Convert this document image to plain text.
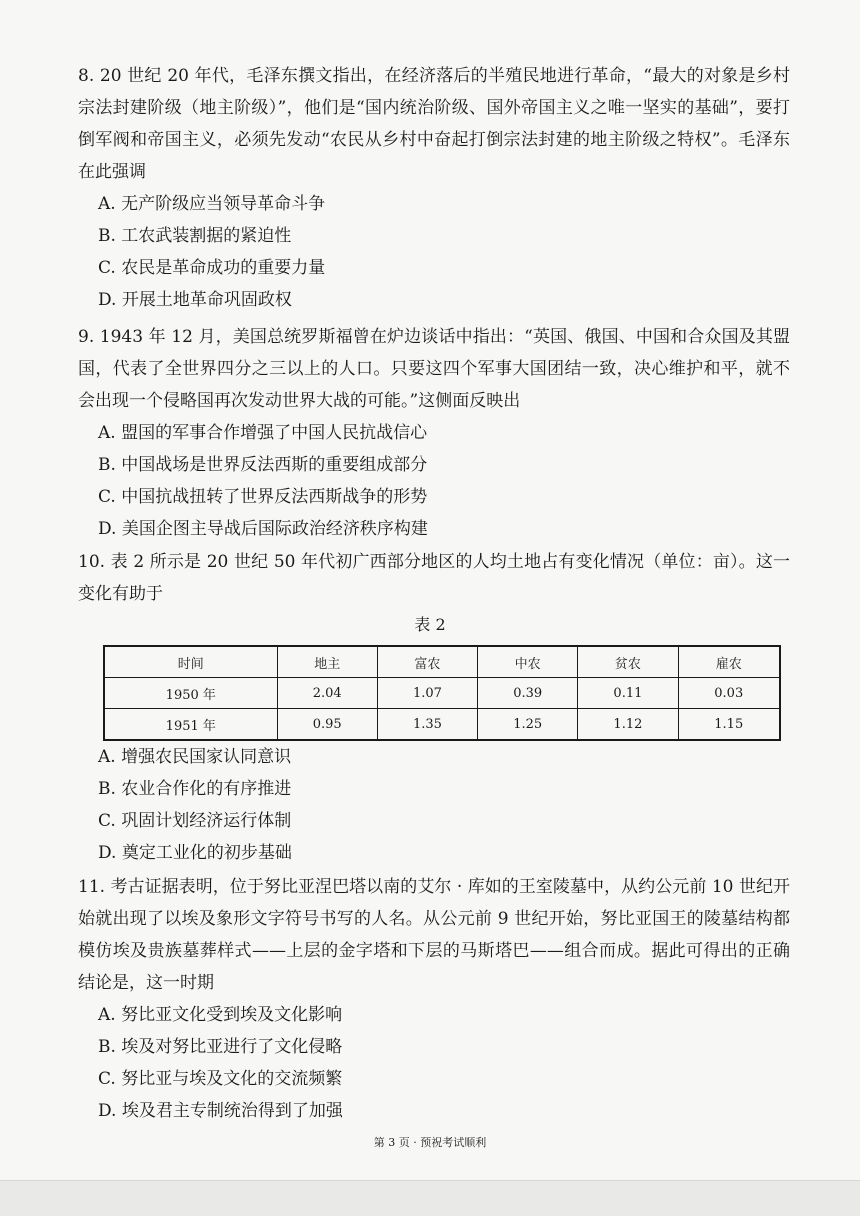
8. 20 世纪 20 年代，毛泽东撰文指出，在经济落后的半殖民地进行革命，“最大的对象是乡村宗法封建阶级（地主阶级）”，他们是“国内统治阶级、国外帝国主义之唯一坚实的基础”，要打倒军阀和帝国主义，必须先发动“农民从乡村中奋起打倒宗法封建的地主阶级之特权”。毛泽东在此强调

A. 无产阶级应当领导革命斗争

B. 工农武装割据的紧迫性

C. 农民是革命成功的重要力量

D. 开展土地革命巩固政权

9. 1943 年 12 月，美国总统罗斯福曾在炉边谈话中指出：“英国、俄国、中国和合众国及其盟国，代表了全世界四分之三以上的人口。只要这四个军事大国团结一致，决心维护和平，就不会出现一个侵略国再次发动世界大战的可能。”这侧面反映出

A. 盟国的军事合作增强了中国人民抗战信心

B. 中国战场是世界反法西斯的重要组成部分

C. 中国抗战扭转了世界反法西斯战争的形势

D. 美国企图主导战后国际政治经济秩序构建

10. 表 2 所示是 20 世纪 50 年代初广西部分地区的人均土地占有变化情况（单位：亩）。这一变化有助于

表 2
时间	地主	富农	中农	贫农	雇农
1950 年	2.04	1.07	0.39	0.11	0.03
1951 年	0.95	1.35	1.25	1.12	1.15

A. 增强农民国家认同意识

B. 农业合作化的有序推进

C. 巩固计划经济运行体制

D. 奠定工业化的初步基础

11. 考古证据表明，位于努比亚涅巴塔以南的艾尔 · 库如的王室陵墓中，从约公元前 10 世纪开始就出现了以埃及象形文字符号书写的人名。从公元前 9 世纪开始，努比亚国王的陵墓结构都模仿埃及贵族墓葬样式——上层的金字塔和下层的马斯塔巴——组合而成。据此可得出的正确结论是，这一时期

A. 努比亚文化受到埃及文化影响

B. 埃及对努比亚进行了文化侵略

C. 努比亚与埃及文化的交流频繁

D. 埃及君主专制统治得到了加强

第 3 页 · 预祝考试顺利
